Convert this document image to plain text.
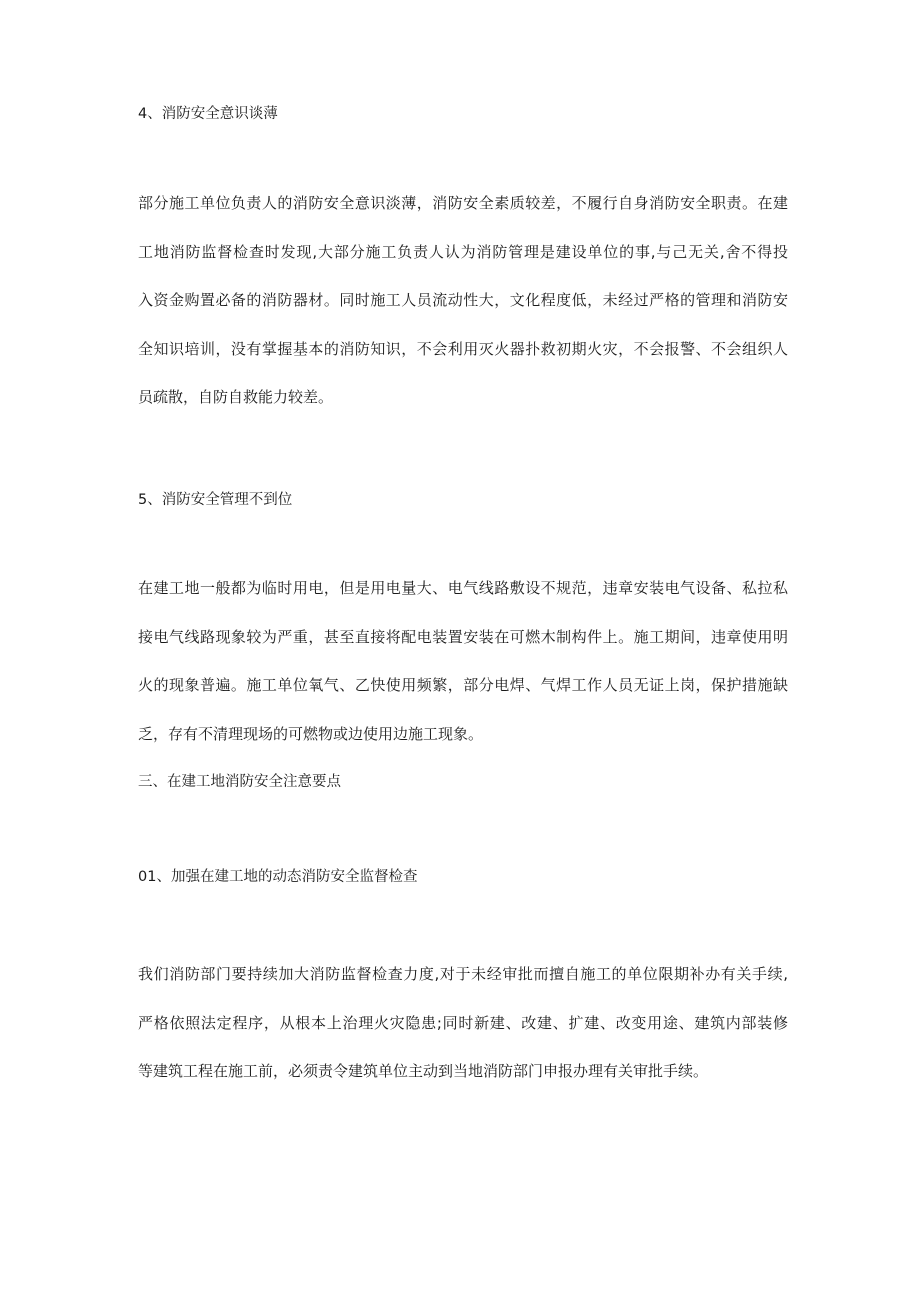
4、消防安全意识谈薄
部分施工单位负责人的消防安全意识淡薄，消防安全素质较差，不履行自身消防安全职责。在建
工地消防监督检查时发现,大部分施工负责人认为消防管理是建设单位的事,与己无关,舍不得投
入资金购置必备的消防器材。同时施工人员流动性大，文化程度低，未经过严格的管理和消防安
全知识培训，没有掌握基本的消防知识，不会利用灭火器扑救初期火灾，不会报警、不会组织人
员疏散，自防自救能力较差。
5、消防安全管理不到位
在建工地一般都为临时用电，但是用电量大、电气线路敷设不规范，违章安装电气设备、私拉私
接电气线路现象较为严重，甚至直接将配电装置安装在可燃木制构件上。施工期间，违章使用明
火的现象普遍。施工单位氧气、乙快使用频繁，部分电焊、气焊工作人员无证上岗，保护措施缺
乏，存有不清理现场的可燃物或边使用边施工现象。
三、在建工地消防安全注意要点
01、加强在建工地的动态消防安全监督检查
我们消防部门要持续加大消防监督检查力度,对于未经审批而擅自施工的单位限期补办有关手续,
严格依照法定程序，从根本上治理火灾隐患;同时新建、改建、扩建、改变用途、建筑内部装修
等建筑工程在施工前，必须责令建筑单位主动到当地消防部门申报办理有关审批手续。
